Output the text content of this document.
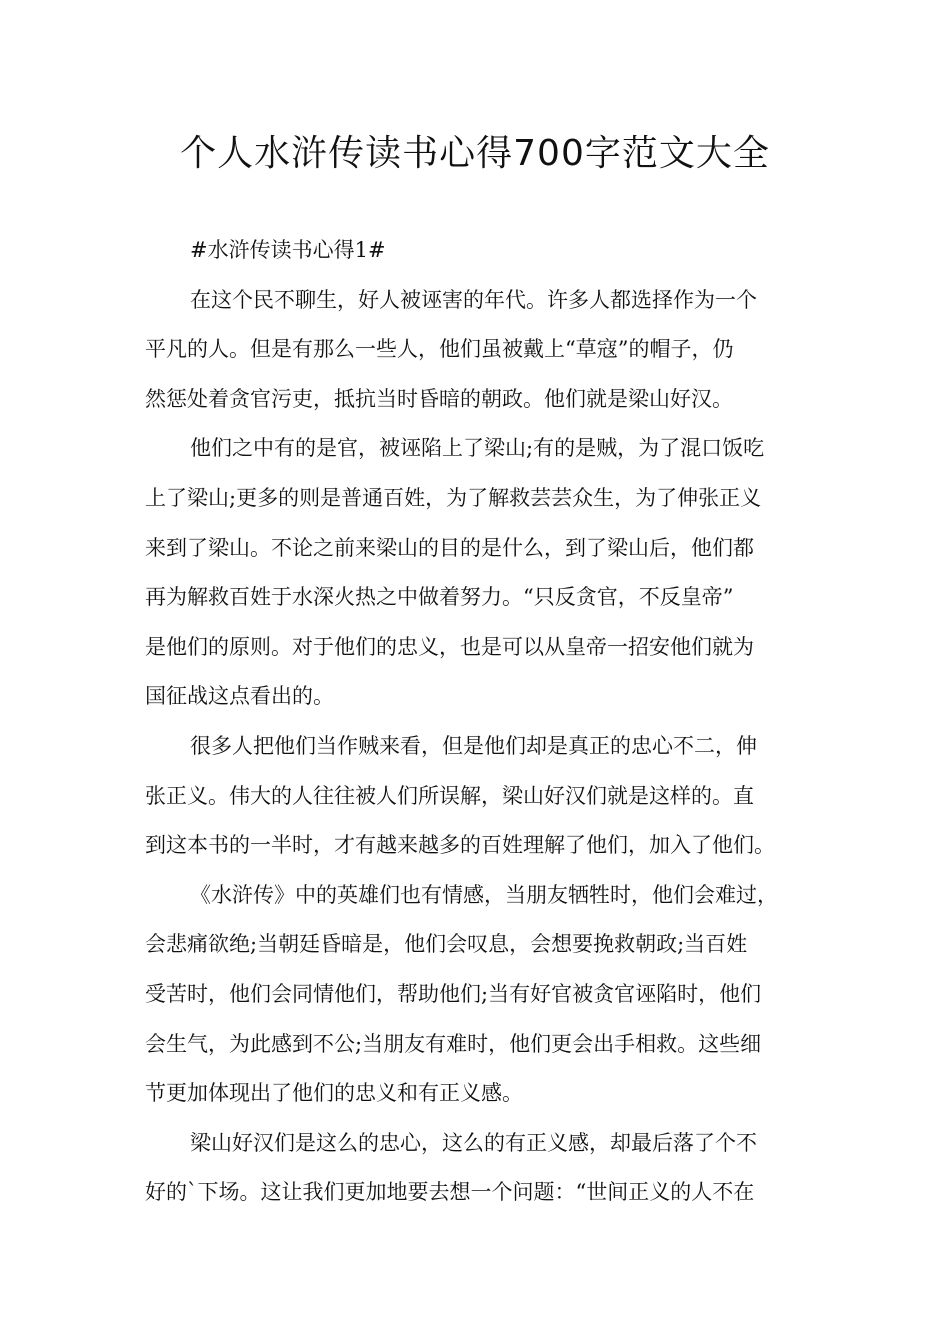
个人水浒传读书心得700字范文大全
#水浒传读书心得1#
在这个民不聊生，好人被诬害的年代。许多人都选择作为一个
平凡的人。但是有那么一些人，他们虽被戴上“草寇”的帽子，仍
然惩处着贪官污吏，抵抗当时昏暗的朝政。他们就是梁山好汉。
他们之中有的是官，被诬陷上了梁山;有的是贼，为了混口饭吃
上了梁山;更多的则是普通百姓，为了解救芸芸众生，为了伸张正义
来到了梁山。不论之前来梁山的目的是什么，到了梁山后，他们都
再为解救百姓于水深火热之中做着努力。“只反贪官，不反皇帝”
是他们的原则。对于他们的忠义，也是可以从皇帝一招安他们就为
国征战这点看出的。
很多人把他们当作贼来看，但是他们却是真正的忠心不二，伸
张正义。伟大的人往往被人们所误解，梁山好汉们就是这样的。直
到这本书的一半时，才有越来越多的百姓理解了他们，加入了他们。
《水浒传》中的英雄们也有情感，当朋友牺牲时，他们会难过，
会悲痛欲绝;当朝廷昏暗是，他们会叹息，会想要挽救朝政;当百姓
受苦时，他们会同情他们，帮助他们;当有好官被贪官诬陷时，他们
会生气，为此感到不公;当朋友有难时，他们更会出手相救。这些细
节更加体现出了他们的忠义和有正义感。
梁山好汉们是这么的忠心，这么的有正义感，却最后落了个不
好的`下场。这让我们更加地要去想一个问题：“世间正义的人不在
